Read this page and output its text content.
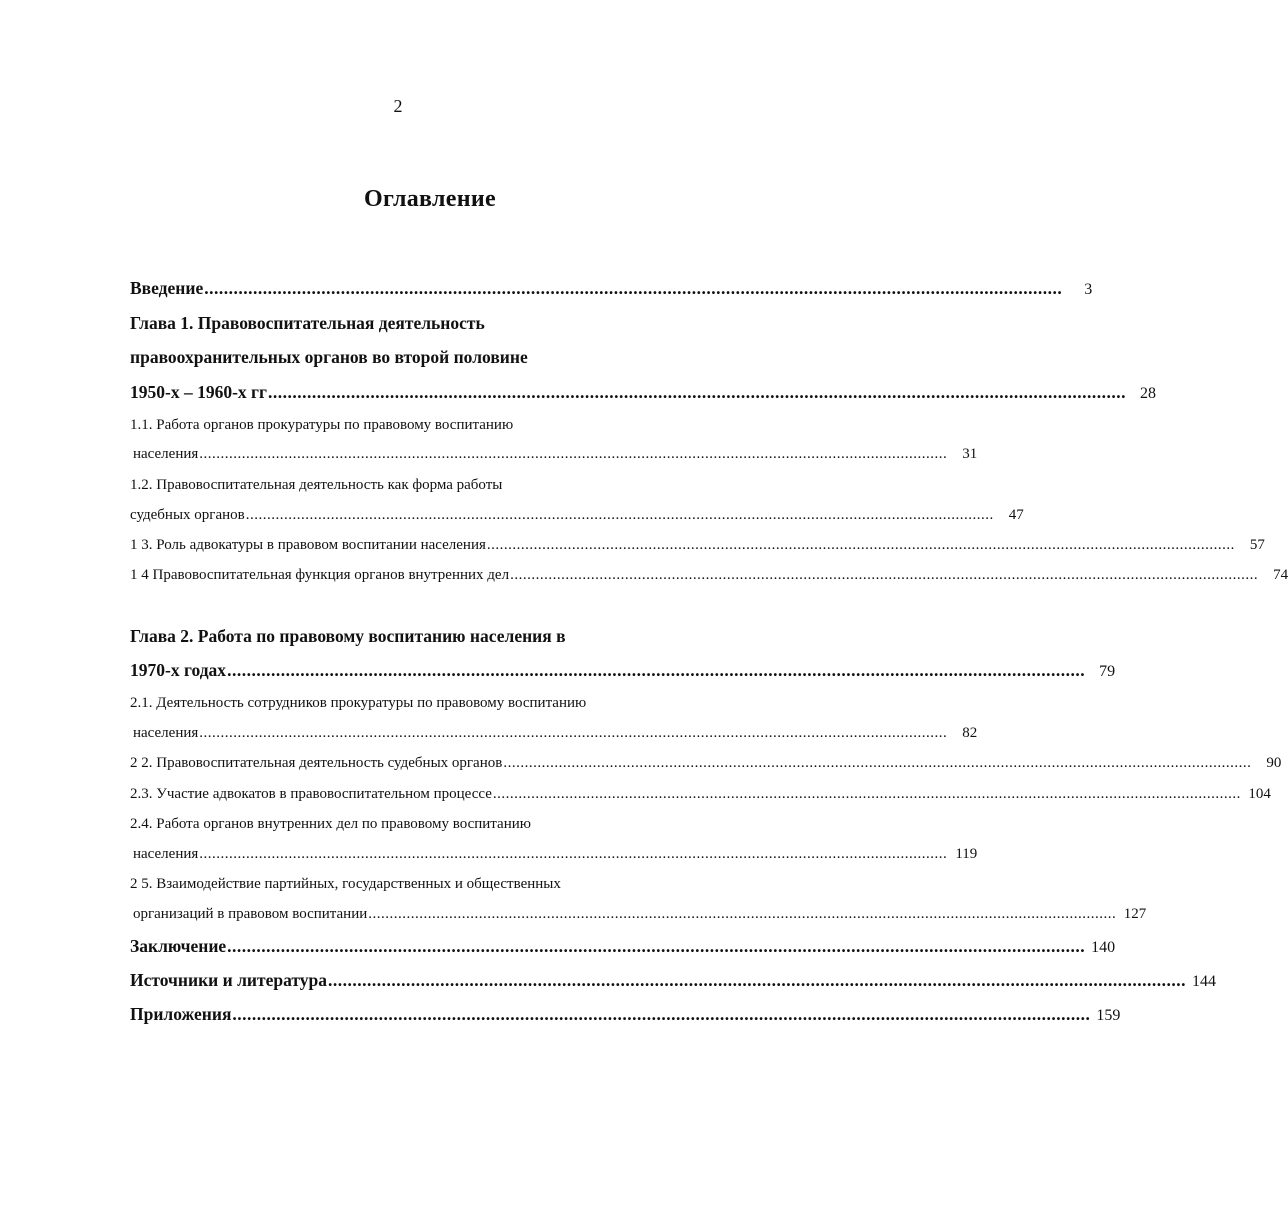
2
Оглавление
Введение ................................................................................................................................................................................	3
Глава 1. Правовоспитательная деятельность
правоохранительных органов во второй половине
1950-х – 1960-х гг ................................................................................................................................................................................ 28
1.1. Работа органов прокуратуры по правовому воспитанию
населения ................................................................................................................................................................................	31
1.2. Правовоспитательная деятельность как форма работы
судебных органов ................................................................................................................................................................................	47
1 3. Роль адвокатуры в правовом воспитании населения ................................................................................................................................................................................	57
1 4 Правовоспитательная функция органов внутренних дел ................................................................................................................................................................................	74
Глава 2. Работа по правовому воспитанию населения в
1970-х годах ................................................................................................................................................................................ 79
2.1. Деятельность сотрудников прокуратуры по правовому воспитанию
населения ................................................................................................................................................................................	82
2 2. Правовоспитательная деятельность судебных органов ................................................................................................................................................................................	90
2.3. Участие адвокатов в правовоспитательном процессе ................................................................................................................................................................................ 104
2.4. Работа органов внутренних дел по правовому воспитанию
населения ................................................................................................................................................................................ 119
2 5. Взаимодействие партийных, государственных и общественных
организаций в правовом воспитании ................................................................................................................................................................................ 127
Заключение ................................................................................................................................................................................ 140
Источники и литература ................................................................................................................................................................................ 144
Приложения ................................................................................................................................................................................ 159
